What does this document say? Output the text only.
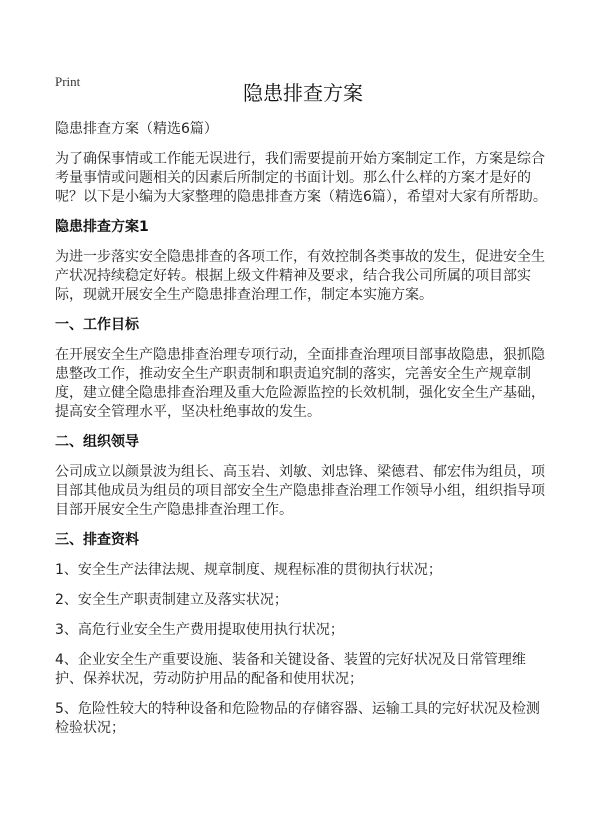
Print	隐患排查方案

隐患排查方案（精选6篇）

为了确保事情或工作能无误进行，我们需要提前开始方案制定工作，方案是综合考量事情或问题相关的因素后所制定的书面计划。那么什么样的方案才是好的呢？以下是小编为大家整理的隐患排查方案（精选6篇），希望对大家有所帮助。

隐患排查方案1

为进一步落实安全隐患排查的各项工作，有效控制各类事故的发生，促进安全生产状况持续稳定好转。根据上级文件精神及要求，结合我公司所属的项目部实际，现就开展安全生产隐患排查治理工作，制定本实施方案。

一、工作目标

在开展安全生产隐患排查治理专项行动，全面排查治理项目部事故隐患，狠抓隐患整改工作，推动安全生产职责制和职责追究制的落实，完善安全生产规章制度，建立健全隐患排查治理及重大危险源监控的长效机制，强化安全生产基础，提高安全管理水平，坚决杜绝事故的发生。

二、组织领导

公司成立以颜景波为组长、高玉岩、刘敏、刘忠锋、梁德君、郁宏伟为组员，项目部其他成员为组员的项目部安全生产隐患排查治理工作领导小组，组织指导项目部开展安全生产隐患排查治理工作。

三、排查资料

1、安全生产法律法规、规章制度、规程标准的贯彻执行状况；

2、安全生产职责制建立及落实状况；

3、高危行业安全生产费用提取使用执行状况；

4、企业安全生产重要设施、装备和关键设备、装置的完好状况及日常管理维护、保养状况，劳动防护用品的配备和使用状况；

5、危险性较大的特种设备和危险物品的存储容器、运输工具的完好状况及检测检验状况；
